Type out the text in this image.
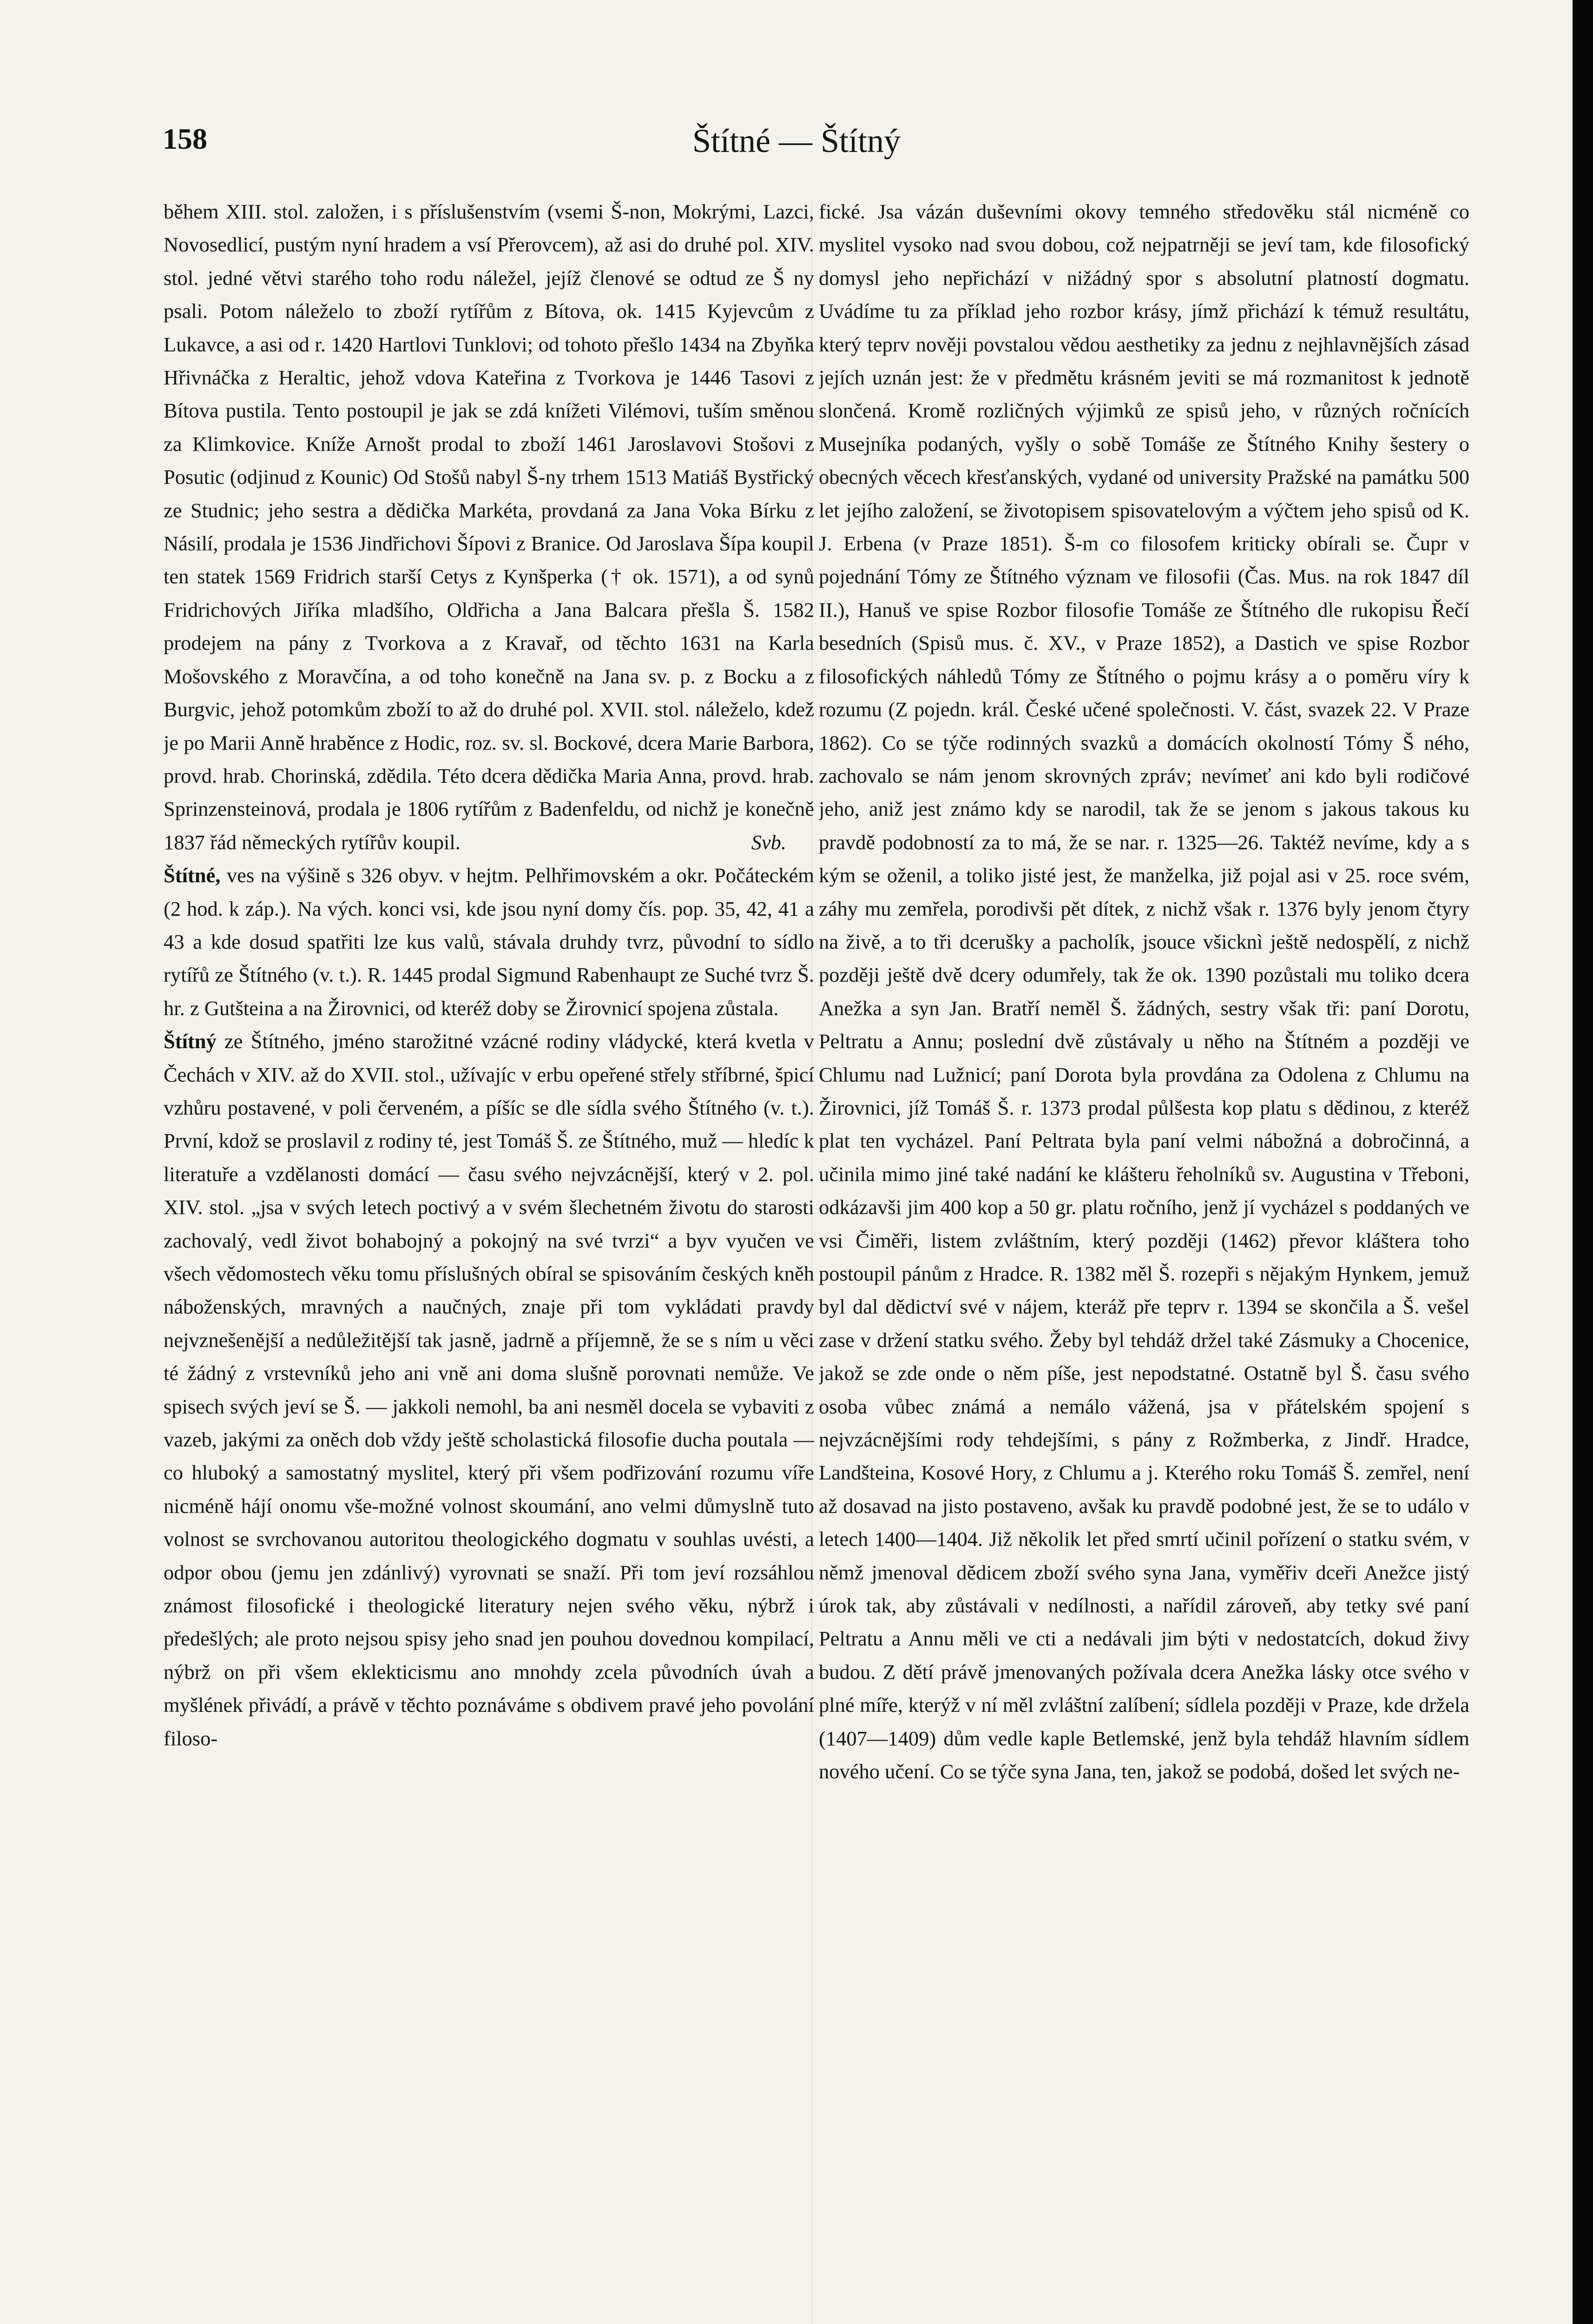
Štítné — Štítný
158

během XIII. stol. založen, i s příslušenstvím (vsemi Š-non, Mokrými, Lazci, Novosedlicí, pustým nyní hradem a vsí Přerovcem), až asi do druhé pol. XIV. stol. jedné větvi starého toho rodu náležel, jejíž členové se odtud ze Š ny psali. Potom náleželo to zboží rytířům z Bítova, ok. 1415 Kyjevcům z Lukavce, a asi od r. 1420 Hartlovi Tunklovi; od tohoto přešlo 1434 na Zbyňka Hřivnáčka z Heraltic, jehož vdova Kateřina z Tvorkova je 1446 Tasovi z Bítova pustila. Tento postoupil je jak se zdá knížeti Vilémovi, tuším směnou za Klimkovice. Kníže Arnošt prodal to zboží 1461 Jaroslavovi Stošovi z Posutic (odjinud z Kounic) Od Stošů nabyl Š-ny trhem 1513 Matiáš Bystřický ze Studnic; jeho sestra a dědička Markéta, provdaná za Jana Voka Bírku z Násilí, prodala je 1536 Jindřichovi Šípovi z Branice. Od Jaroslava Šípa koupil ten statek 1569 Fridrich starší Cetys z Kynšperka († ok. 1571), a od synů Fridrichových Jiříka mladšího, Oldřicha a Jana Balcara přešla Š. 1582 prodejem na pány z Tvorkova a z Kravař, od těchto 1631 na Karla Mošovského z Moravčína, a od toho konečně na Jana sv. p. z Bocku a z Burgvic, jehož potomkům zboží to až do druhé pol. XVII. stol. náleželo, kdež je po Marii Anně hraběnce z Hodic, roz. sv. sl. Bockové, dcera Marie Barbora, provd. hrab. Chorinská, zdědila. Této dcera dědička Maria Anna, provd. hrab. Sprinzensteinová, prodala je 1806 rytířům z Badenfeldu, od nichž je konečně 1837 řád německých rytířův koupil.	Svb.

Štítné, ves na výšině s 326 obyv. v hejtm. Pelhřimovském a okr. Počáteckém (2 hod. k záp.). Na vých. konci vsi, kde jsou nyní domy čís. pop. 35, 42, 41 a 43 a kde dosud spatřiti lze kus valů, stávala druhdy tvrz, původní to sídlo rytířů ze Štítného (v. t.). R. 1445 prodal Sigmund Rabenhaupt ze Suché tvrz Š. hr. z Gutšteina a na Žirovnici, od kteréž doby se Žirovnicí spojena zůstala.

Štítný ze Štítného, jméno starožitné vzácné rodiny vládycké, která kvetla v Čechách v XIV. až do XVII. stol., užívajíc v erbu opeřené střely stříbrné, špicí vzhůru postavené, v poli červeném, a píšíc se dle sídla svého Štítného (v. t.). První, kdož se proslavil z rodiny té, jest Tomáš Š. ze Štítného, muž — hledíc k literatuře a vzdělanosti domácí — času svého nejvzácnější, který v 2. pol. XIV. stol. „jsa v svých letech poctivý a v svém šlechetném životu do starosti zachovalý, vedl život bohabojný a pokojný na své tvrzi“ a byv vyučen ve všech vědomostech věku tomu příslušných obíral se spisováním českých kněh náboženských, mravných a naučných, znaje při tom vykládati pravdy nejvznešenější a nedůležitější tak jasně, jadrně a příjemně, že se s ním u věci té žádný z vrstevníků jeho ani vně ani doma slušně porovnati nemůže. Ve spisech svých jeví se Š. — jakkoli nemohl, ba ani nesměl docela se vybaviti z vazeb, jakými za oněch dob vždy ještě scholastická filosofie ducha poutala — co hluboký a samostatný myslitel, který při všem podřizování rozumu víře nicméně hájí onomu vše-možné volnost skoumání, ano velmi důmyslně tuto volnost se svrchovanou autoritou theologického dogmatu v souhlas uvésti, a odpor obou (jemu jen zdánlivý) vyrovnati se snaží. Při tom jeví rozsáhlou známost filosofické i theologické literatury nejen svého věku, nýbrž i předešlých; ale proto nejsou spisy jeho snad jen pouhou dovednou kompilací, nýbrž on při všem eklekticismu ano mnohdy zcela původních úvah a myšlének přivádí, a právě v těchto poznáváme s obdivem pravé jeho povolání filoso-

fické. Jsa vázán duševními okovy temného středověku stál nicméně co myslitel vysoko nad svou dobou, což nejpatrněji se jeví tam, kde filosofický domysl jeho nepřichází v nižádný spor s absolutní platností dogmatu. Uvádíme tu za příklad jeho rozbor krásy, jímž přichází k témuž resultátu, který teprv nověji povstalou vědou aesthetiky za jednu z nejhlavnějších zásad jejích uznán jest: že v předmětu krásném jeviti se má rozmanitost k jednotě slončená. Kromě rozličných výjimků ze spisů jeho, v různých ročnících Musejníka podaných, vyšly o sobě Tomáše ze Štítného Knihy šestery o obecných věcech křesťanských, vydané od university Pražské na památku 500 let jejího založení, se životopisem spisovatelovým a výčtem jeho spisů od K. J. Erbena (v Praze 1851). Š-m co filosofem kriticky obírali se. Čupr v pojednání Tómy ze Štítného význam ve filosofii (Čas. Mus. na rok 1847 díl II.), Hanuš ve spise Rozbor filosofie Tomáše ze Štítného dle rukopisu Řečí besedních (Spisů mus. č. XV., v Praze 1852), a Dastich ve spise Rozbor filosofických náhledů Tómy ze Štítného o pojmu krásy a o poměru víry k rozumu (Z pojedn. král. České učené společnosti. V. část, svazek 22. V Praze 1862). Co se týče rodinných svazků a domácích okolností Tómy Š ného, zachovalo se nám jenom skrovných zpráv; nevímeť ani kdo byli rodičové jeho, aniž jest známo kdy se narodil, tak že se jenom s jakous takous ku pravdě podobností za to má, že se nar. r. 1325—26. Taktéž nevíme, kdy a s kým se oženil, a toliko jisté jest, že manželka, již pojal asi v 25. roce svém, záhy mu zemřela, porodivši pět dítek, z nichž však r. 1376 byly jenom čtyry na živě, a to tři dcerušky a pacholík, jsouce všicknì ještě nedospělí, z nichž později ještě dvě dcery odumřely, tak že ok. 1390 pozůstali mu toliko dcera Anežka a syn Jan. Bratří neměl Š. žádných, sestry však tři: paní Dorotu, Peltratu a Annu; poslední dvě zůstávaly u něho na Štítném a později ve Chlumu nad Lužnicí; paní Dorota byla provdána za Odolena z Chlumu na Žirovnici, jíž Tomáš Š. r. 1373 prodal půlšesta kop platu s dědinou, z kteréž plat ten vycházel. Paní Peltrata byla paní velmi nábožná a dobročinná, a učinila mimo jiné také nadání ke klášteru řeholníků sv. Augustina v Třeboni, odkázavši jim 400 kop a 50 gr. platu ročního, jenž jí vycházel s poddaných ve vsi Čiměři, listem zvláštním, který později (1462) převor kláštera toho postoupil pánům z Hradce. R. 1382 měl Š. rozepři s nějakým Hynkem, jemuž byl dal dědictví své v nájem, kteráž pře teprv r. 1394 se skončila a Š. vešel zase v držení statku svého. Žeby byl tehdáž držel také Zásmuky a Chocenice, jakož se zde onde o něm píše, jest nepodstatné. Ostatně byl Š. času svého osoba vůbec známá a nemálo vážená, jsa v přátelském spojení s nejvzácnějšími rody tehdejšími, s pány z Rožmberka, z Jindř. Hradce, Landšteina, Kosové Hory, z Chlumu a j. Kterého roku Tomáš Š. zemřel, není až dosavad na jisto postaveno, avšak ku pravdě podobné jest, že se to událo v letech 1400—1404. Již několik let před smrtí učinil pořízení o statku svém, v němž jmenoval dědicem zboží svého syna Jana, vyměřiv dceři Anežce jistý úrok tak, aby zůstávali v nedílnosti, a nařídil zároveň, aby tetky své paní Peltratu a Annu měli ve cti a nedávali jim býti v nedostatcích, dokud živy budou. Z dětí právě jmenovaných požívala dcera Anežka lásky otce svého v plné míře, kterýž v ní měl zvláštní zalíbení; sídlela později v Praze, kde držela (1407—1409) dům vedle kaple Betlemské, jenž byla tehdáž hlavním sídlem nového učení. Co se týče syna Jana, ten, jakož se podobá, došed let svých ne-
